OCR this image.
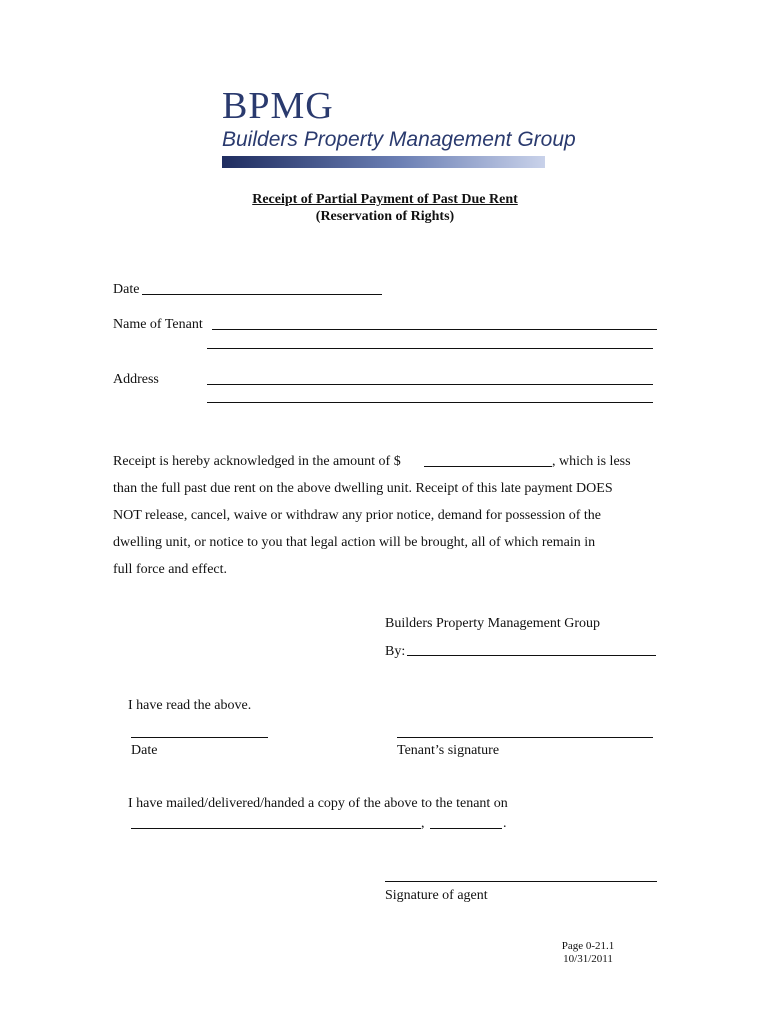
BPMG
Builders Property Management Group
Receipt of Partial Payment of Past Due Rent
(Reservation of Rights)
Date
Name of Tenant
Address
Receipt is hereby acknowledged in the amount of $	, which is less
than the full past due rent on the above dwelling unit. Receipt of this late payment DOES
NOT release, cancel, waive or withdraw any prior notice, demand for possession of the
dwelling unit, or notice to you that legal action will be brought, all of which remain in
full force and effect.
Builders Property Management Group
By:
I have read the above.
Date	Tenant’s signature
I have mailed/delivered/handed a copy of the above to the tenant on
,	.
Signature of agent
Page 0-21.1
10/31/2011
